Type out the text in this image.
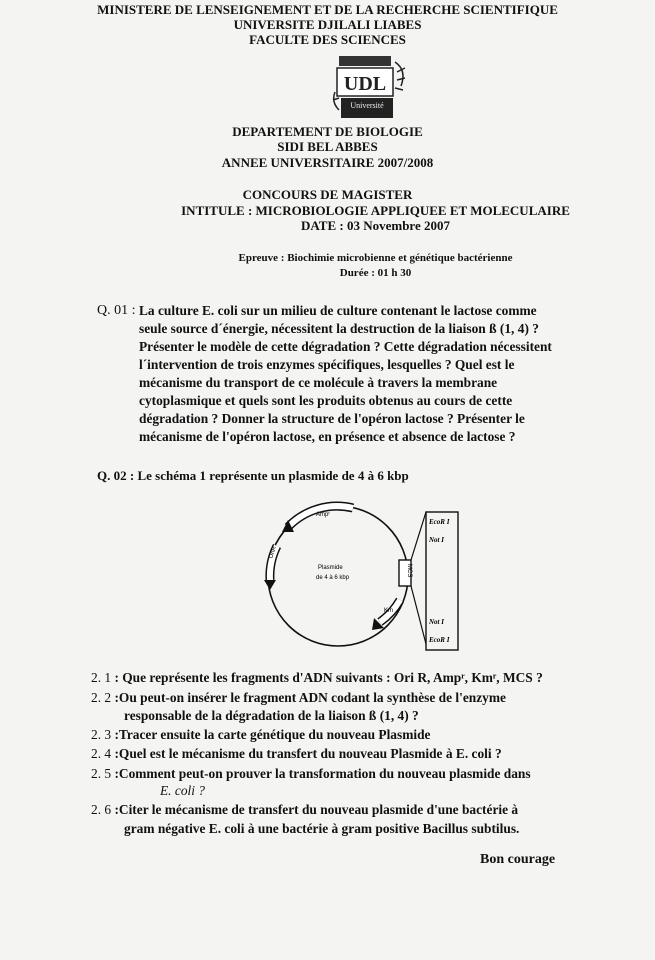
MINISTERE DE LENSEIGNEMENT ET DE LA RECHERCHE SCIENTIFIQUE
UNIVERSITE DJILALI LIABES
FACULTE DES SCIENCES
UDL
Université
DEPARTEMENT DE BIOLOGIE
SIDI BEL ABBES
ANNEE UNIVERSITAIRE 2007/2008
CONCOURS DE MAGISTER
INTITULE : MICROBIOLOGIE APPLIQUEE ET MOLECULAIRE
DATE : 03 Novembre 2007
Epreuve : Biochimie microbienne et génétique bactérienne
Durée : 01 h 30
Q. 01 : La culture E. coli sur un milieu de culture contenant le lactose comme
seule source d´énergie, nécessitent la destruction de la liaison ß (1, 4) ?
Présenter le modèle de cette dégradation ? Cette dégradation nécessitent
l´intervention de trois enzymes spécifiques, lesquelles ? Quel est le
mécanisme du transport de ce molécule à travers la membrane
cytoplasmique et quels sont les produits obtenus au cours de cette
dégradation ? Donner la structure de l'opéron lactose ? Présenter le
mécanisme de l'opéron lactose, en présence et absence de lactose ?
Q. 02 : Le schéma 1 représente un plasmide de 4 à 6 kbp
Ampʳ
OriR
MCS
Km
Plasmide
de 4 à 6 kbp
EcoR I
Not I
Not I
EcoR I
2. 1 : Que représente les fragments d'ADN suivants : Ori R, Ampʳ, Kmʳ, MCS ?
2. 2 :Ou peut-on insérer le fragment ADN codant la synthèse de l'enzyme
responsable de la dégradation de la liaison ß (1, 4) ?
2. 3 :Tracer ensuite la carte génétique du nouveau Plasmide
2. 4 :Quel est le mécanisme du transfert du nouveau Plasmide à E. coli ?
2. 5 :Comment peut-on prouver la transformation du nouveau plasmide dans
E. coli ?
2. 6 :Citer le mécanisme de transfert du nouveau plasmide d'une bactérie à
gram négative E. coli à une bactérie à gram positive Bacillus subtilus.
Bon courage
